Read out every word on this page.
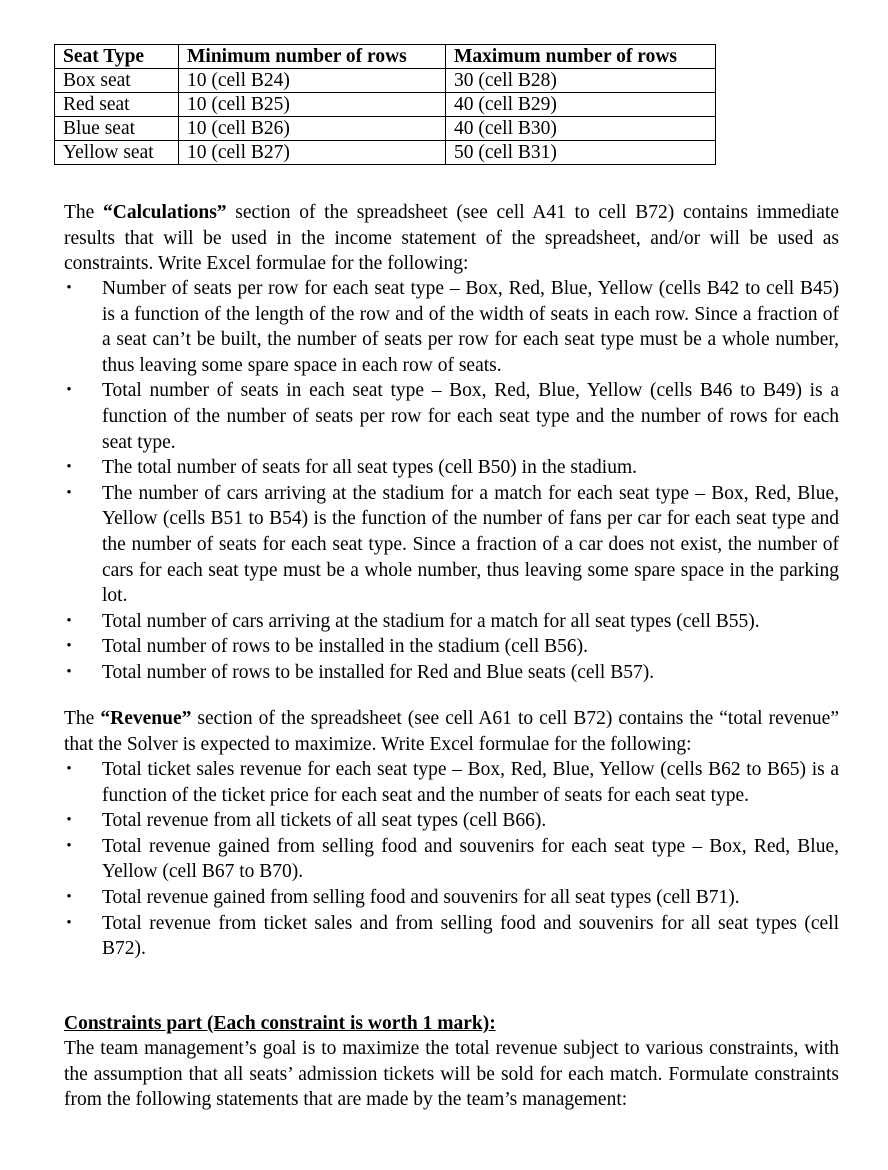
Seat Type	Minimum number of rows	Maximum number of rows
Box seat	10 (cell B24)	30 (cell B28)
Red seat	10 (cell B25)	40 (cell B29)
Blue seat	10 (cell B26)	40 (cell B30)
Yellow seat	10 (cell B27)	50 (cell B31)

The “Calculations” section of the spreadsheet (see cell A41 to cell B72) contains immediate results that will be used in the income statement of the spreadsheet, and/or will be used as constraints. Write Excel formulae for the following:

• Number of seats per row for each seat type – Box, Red, Blue, Yellow (cells B42 to cell B45) is a function of the length of the row and of the width of seats in each row. Since a fraction of a seat can’t be built, the number of seats per row for each seat type must be a whole number, thus leaving some spare space in each row of seats.
• Total number of seats in each seat type – Box, Red, Blue, Yellow (cells B46 to B49) is a function of the number of seats per row for each seat type and the number of rows for each seat type.
• The total number of seats for all seat types (cell B50) in the stadium.
• The number of cars arriving at the stadium for a match for each seat type – Box, Red, Blue, Yellow (cells B51 to B54) is the function of the number of fans per car for each seat type and the number of seats for each seat type. Since a fraction of a car does not exist, the number of cars for each seat type must be a whole number, thus leaving some spare space in the parking lot.
• Total number of cars arriving at the stadium for a match for all seat types (cell B55).
• Total number of rows to be installed in the stadium (cell B56).
• Total number of rows to be installed for Red and Blue seats (cell B57).

The “Revenue” section of the spreadsheet (see cell A61 to cell B72) contains the “total revenue” that the Solver is expected to maximize. Write Excel formulae for the following:

• Total ticket sales revenue for each seat type – Box, Red, Blue, Yellow (cells B62 to B65) is a function of the ticket price for each seat and the number of seats for each seat type.
• Total revenue from all tickets of all seat types (cell B66).
• Total revenue gained from selling food and souvenirs for each seat type – Box, Red, Blue, Yellow (cell B67 to B70).
• Total revenue gained from selling food and souvenirs for all seat types (cell B71).
• Total revenue from ticket sales and from selling food and souvenirs for all seat types (cell B72).

Constraints part (Each constraint is worth 1 mark):

The team management’s goal is to maximize the total revenue subject to various constraints, with the assumption that all seats’ admission tickets will be sold for each match. Formulate constraints from the following statements that are made by the team’s management:
